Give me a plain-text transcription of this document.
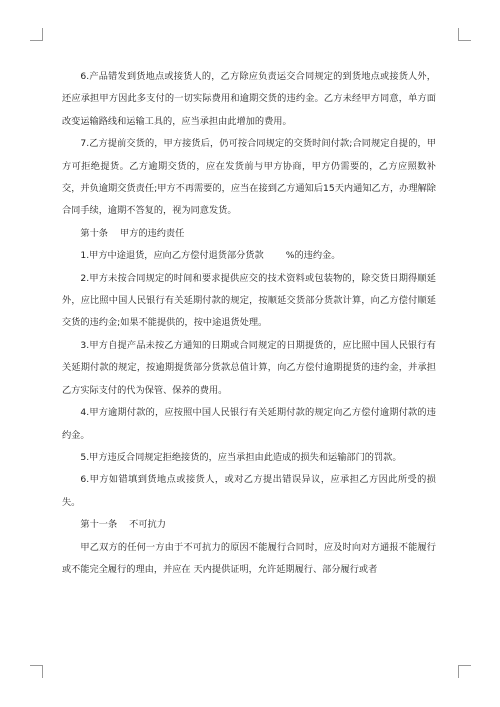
6.产品错发到货地点或接货人的，乙方除应负责运交合同规定的到货地点或接货人外，还应承担甲方因此多支付的一切实际费用和逾期交货的违约金。乙方未经甲方同意，单方面改变运输路线和运输工具的，应当承担由此增加的费用。

7.乙方提前交货的，甲方接货后，仍可按合同规定的交货时间付款;合同规定自提的，甲方可拒绝提货。乙方逾期交货的，应在发货前与甲方协商，甲方仍需要的，乙方应照数补交，并负逾期交货责任;甲方不再需要的，应当在接到乙方通知后15天内通知乙方，办理解除合同手续，逾期不答复的，视为同意发货。

第十条 甲方的违约责任

1.甲方中途退货，应向乙方偿付退货部分货款 %的违约金。

2.甲方未按合同规定的时间和要求提供应交的技术资料或包装物的，除交货日期得顺延外，应比照中国人民银行有关延期付款的规定，按顺延交货部分货款计算，向乙方偿付顺延交货的违约金;如果不能提供的，按中途退货处理。

3.甲方自提产品未按乙方通知的日期或合同规定的日期提货的，应比照中国人民银行有关延期付款的规定，按逾期提货部分货款总值计算，向乙方偿付逾期提货的违约金，并承担乙方实际支付的代为保管、保养的费用。

4.甲方逾期付款的，应按照中国人民银行有关延期付款的规定向乙方偿付逾期付款的违约金。

5.甲方违反合同规定拒绝接货的，应当承担由此造成的损失和运输部门的罚款。

6.甲方如错填到货地点或接货人，或对乙方提出错误异议，应承担乙方因此所受的损失。

第十一条 不可抗力

甲乙双方的任何一方由于不可抗力的原因不能履行合同时，应及时向对方通报不能履行或不能完全履行的理由，并应在 天内提供证明，允许延期履行、部分履行或者
